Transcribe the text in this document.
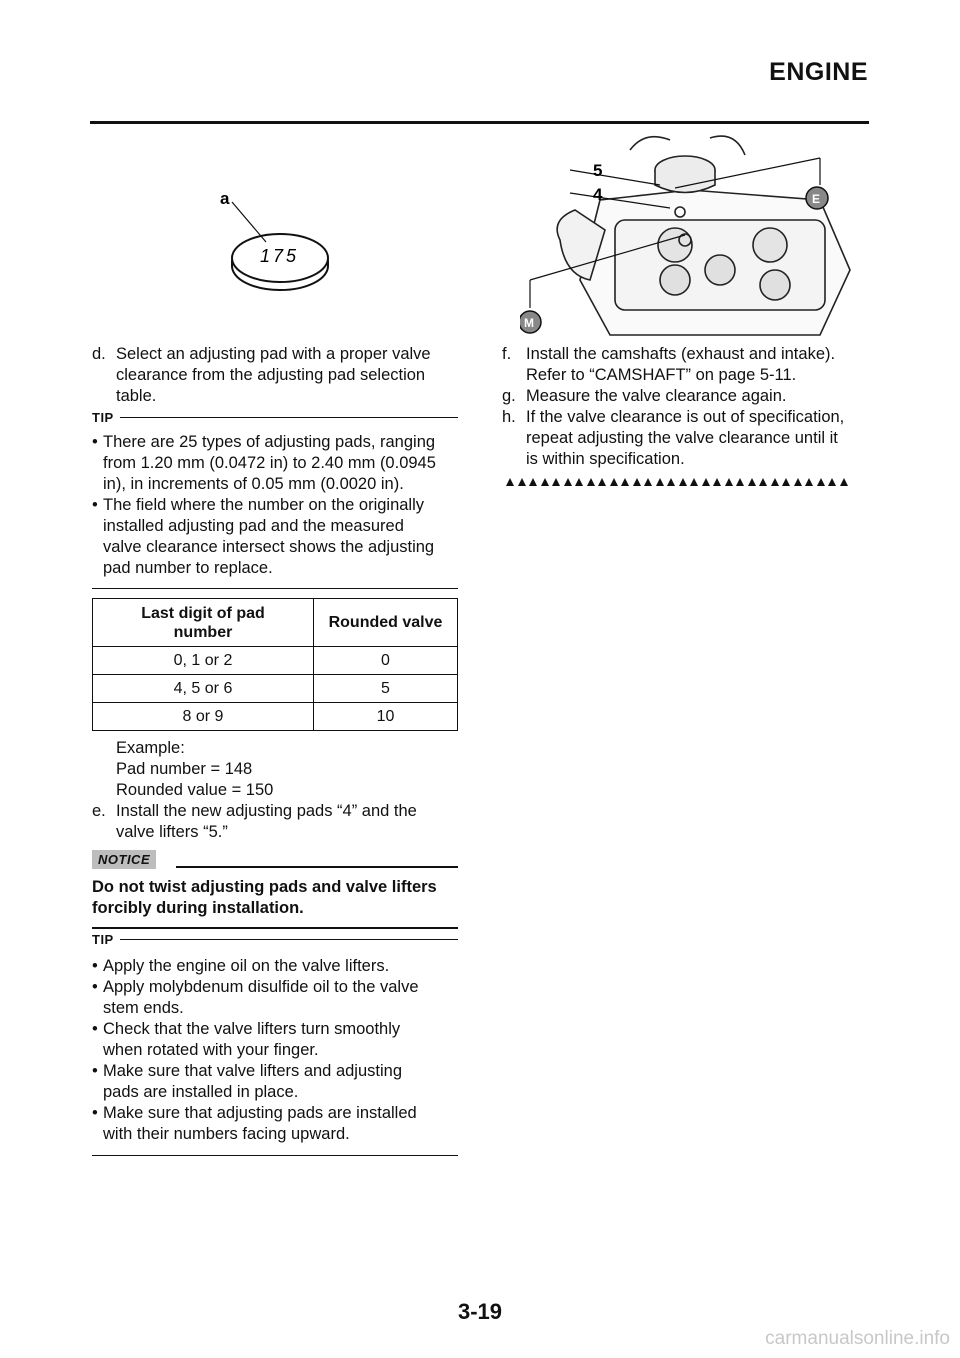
ENGINE
a
175
5
4	E
M
d. Select an adjusting pad with a proper valve
clearance from the adjusting pad selection
table.
TIP
• There are 25 types of adjusting pads, ranging
from 1.20 mm (0.0472 in) to 2.40 mm (0.0945
in), in increments of 0.05 mm (0.0020 in).
• The field where the number on the originally
installed adjusting pad and the measured
valve clearance intersect shows the adjusting
pad number to replace.
Last digit of pad number	Rounded valve
0, 1 or 2	0
4, 5 or 6	5
8 or 9	10
Example:
Pad number = 148
Rounded value = 150
e. Install the new adjusting pads “4” and the
valve lifters “5.”
NOTICE
Do not twist adjusting pads and valve lifters
forcibly during installation.
TIP
• Apply the engine oil on the valve lifters.
• Apply molybdenum disulfide oil to the valve
stem ends.
• Check that the valve lifters turn smoothly
when rotated with your finger.
• Make sure that valve lifters and adjusting
pads are installed in place.
• Make sure that adjusting pads are installed
with their numbers facing upward.
f. Install the camshafts (exhaust and intake).
Refer to “CAMSHAFT” on page 5-11.
g. Measure the valve clearance again.
h. If the valve clearance is out of specification,
repeat adjusting the valve clearance until it
is within specification.
3-19
carmanualsonline.info
